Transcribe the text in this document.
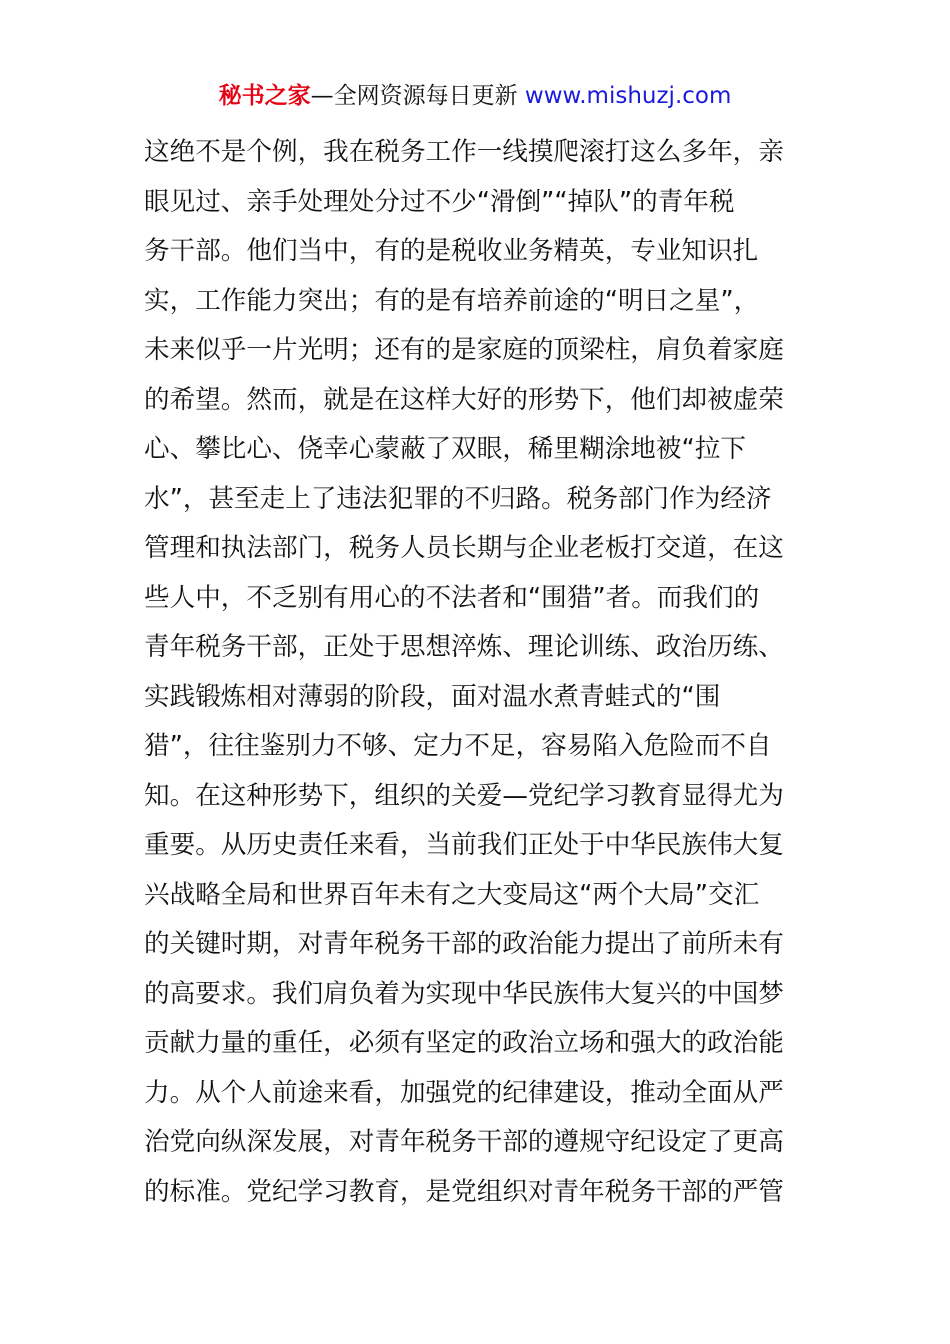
秘书之家—全网资源每日更新 www.mishuzj.com
这绝不是个例，我在税务工作一线摸爬滚打这么多年，亲
眼见过、亲手处理处分过不少“滑倒”“掉队”的青年税
务干部。他们当中，有的是税收业务精英，专业知识扎
实，工作能力突出；有的是有培养前途的“明日之星”，
未来似乎一片光明；还有的是家庭的顶梁柱，肩负着家庭
的希望。然而，就是在这样大好的形势下，他们却被虚荣
心、攀比心、侥幸心蒙蔽了双眼，稀里糊涂地被“拉下
水”，甚至走上了违法犯罪的不归路。税务部门作为经济
管理和执法部门，税务人员长期与企业老板打交道，在这
些人中，不乏别有用心的不法者和“围猎”者。而我们的
青年税务干部，正处于思想淬炼、理论训练、政治历练、
实践锻炼相对薄弱的阶段，面对温水煮青蛙式的“围
猎”，往往鉴别力不够、定力不足，容易陷入危险而不自
知。在这种形势下，组织的关爱—党纪学习教育显得尤为
重要。从历史责任来看，当前我们正处于中华民族伟大复
兴战略全局和世界百年未有之大变局这“两个大局”交汇
的关键时期，对青年税务干部的政治能力提出了前所未有
的高要求。我们肩负着为实现中华民族伟大复兴的中国梦
贡献力量的重任，必须有坚定的政治立场和强大的政治能
力。从个人前途来看，加强党的纪律建设，推动全面从严
治党向纵深发展，对青年税务干部的遵规守纪设定了更高
的标准。党纪学习教育，是党组织对青年税务干部的严管
